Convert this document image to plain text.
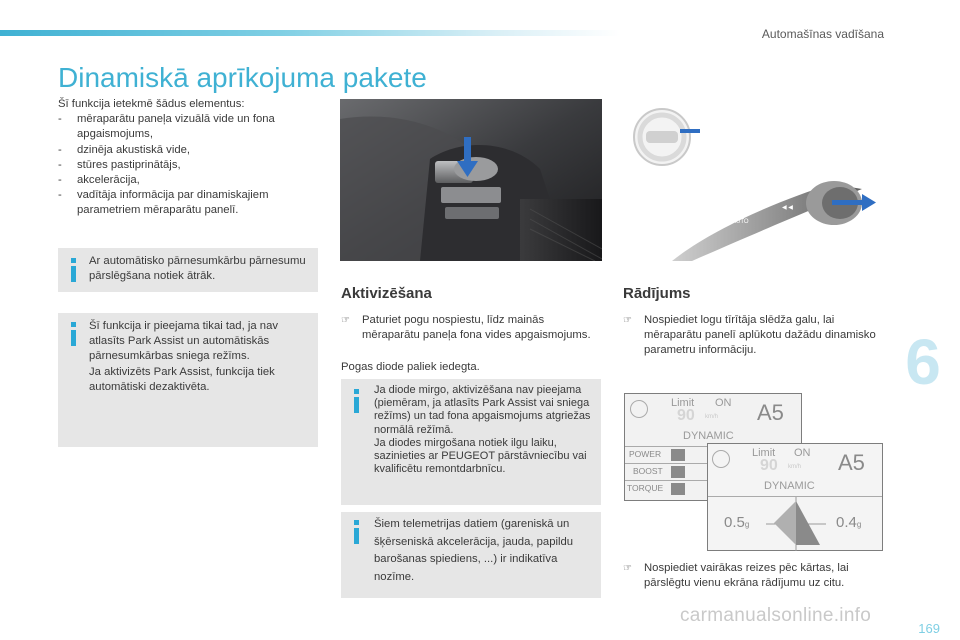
Automašīnas vadīšana
6
Dinamiskā aprīkojuma pakete
Šī funkcija ietekmē šādus elementus:
- mēraparātu paneļa vizuālā vide un fona apgaismojums,
- dzinēja akustiskā vide,
- stūres pastiprinātājs,
- akcelerācija,
- vadītāja informācija par dinamiskajiem parametriem mēraparātu panelī.
Ar automātisko pārnesumkārbu pārnesumu pārslēgšana notiek ātrāk.
Šī funkcija ir pieejama tikai tad, ja nav atlasīts Park Assist un automātiskās pārnesumkārbas sniega režīms.
Ja aktivizēts Park Assist, funkcija tiek automātiski dezaktivēta.
AUTO
◀ ◀
Aktivizēšana
☞	Paturiet pogu nospiestu, līdz mainās mēraparātu paneļa fona vides apgaismojums.
Pogas diode paliek iedegta.
Ja diode mirgo, aktivizēšana nav pieejama (piemēram, ja atlasīts Park Assist vai sniega režīms) un tad fona apgaismojums atgriežas normālā režīmā.
Ja diodes mirgošana notiek ilgu laiku, sazinieties ar PEUGEOT pārstāvniecību vai kvalificētu remontdarbnīcu.
Šiem telemetrijas datiem (gareniskā un šķērseniskā akcelerācija, jauda, papildu barošanas spiediens, ...) ir indikatīva nozīme.
Rādījums
☞	Nospiediet logu tīrītāja slēdža galu, lai mēraparātu panelī aplūkotu dažādu dinamisko parametru informāciju.
Limit ON
90 km/h A5
DYNAMIC
POWER
BOOST
TORQUE
Limit ON
90 km/h A5
DYNAMIC
0.5g	0.4g
☞	Nospiediet vairākas reizes pēc kārtas, lai pārslēgtu vienu ekrāna rādījumu uz citu.
carmanualsonline.info
169
